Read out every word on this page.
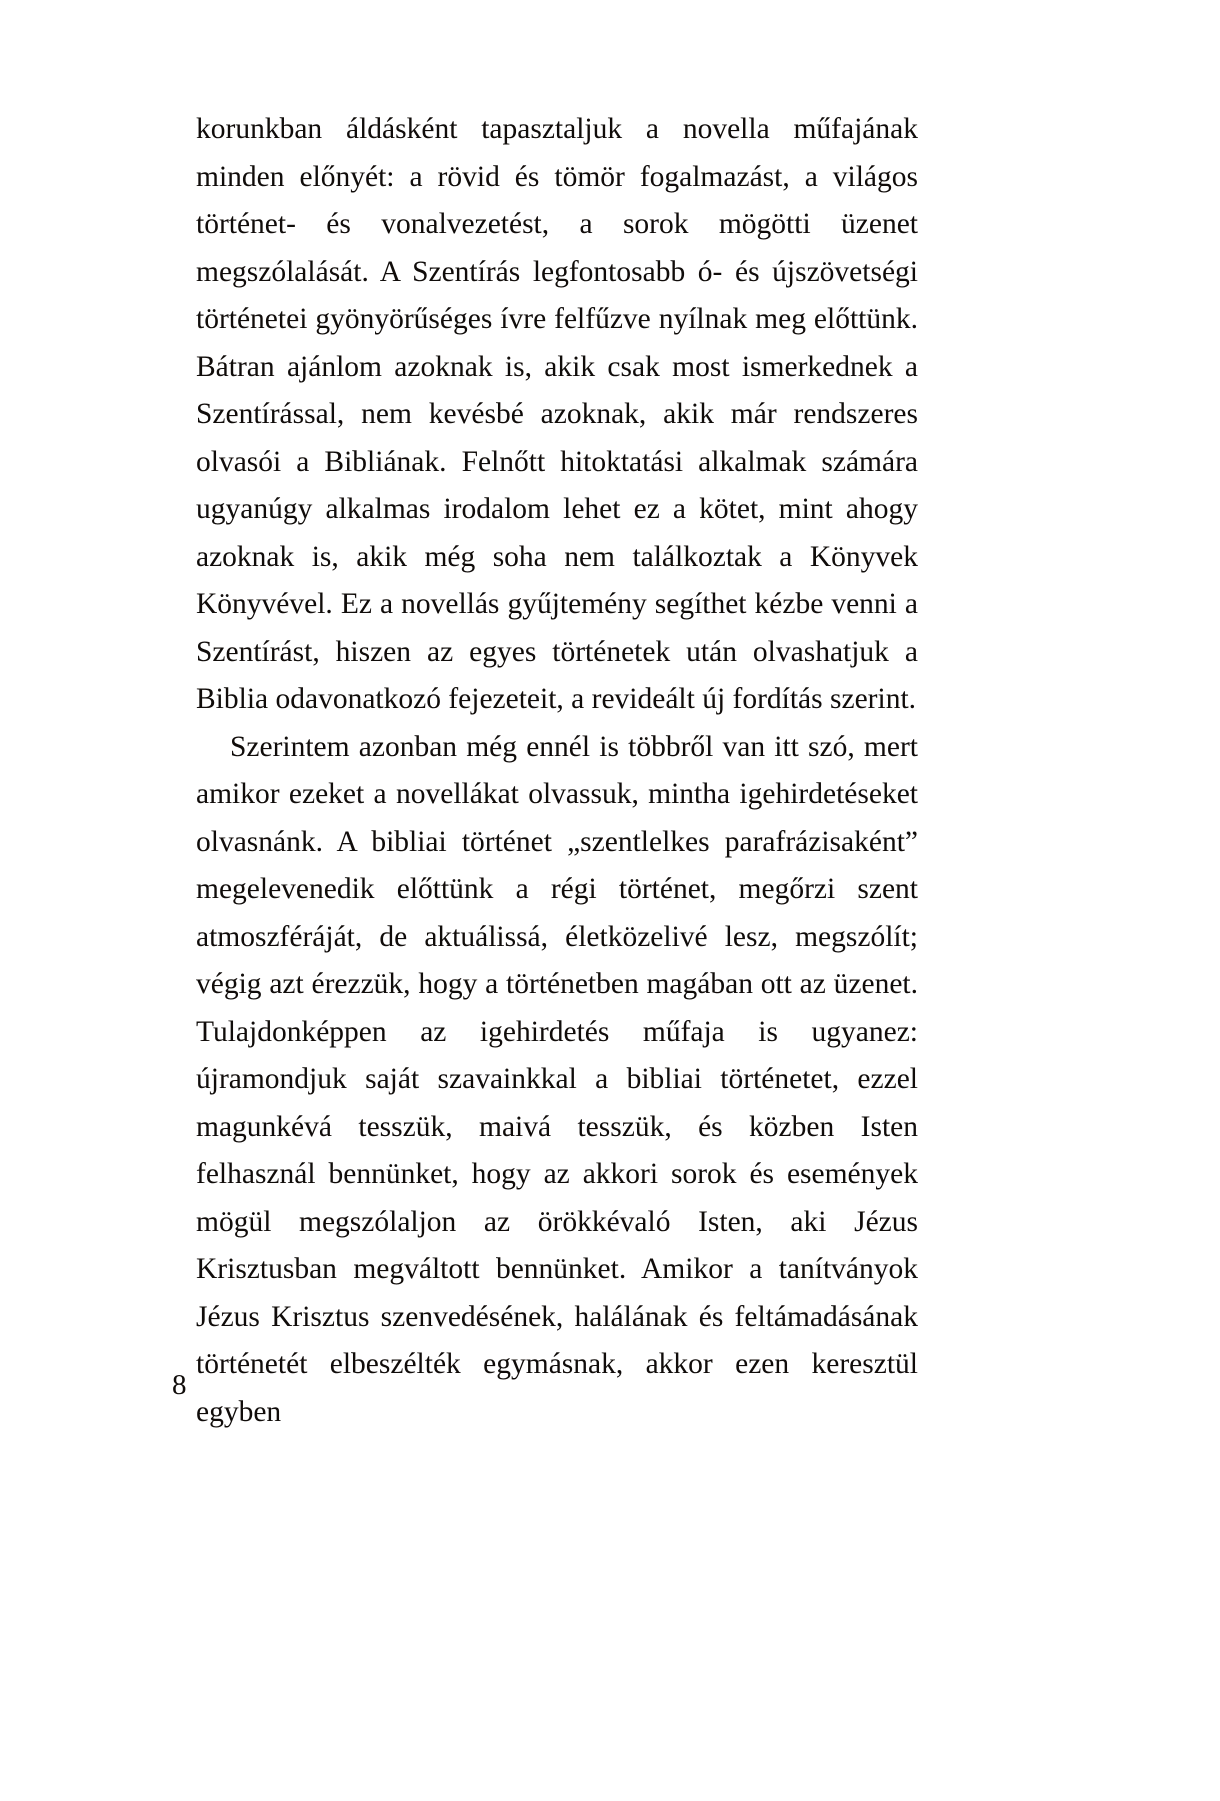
korunkban áldásként tapasztaljuk a novella műfajának minden előnyét: a rövid és tömör fogalmazást, a világos történet- és vonalvezetést, a sorok mögötti üzenet megszólalását. A Szentírás legfontosabb ó- és újszövetségi történetei gyönyörűséges ívre felfűzve nyílnak meg előttünk. Bátran ajánlom azoknak is, akik csak most ismerkednek a Szentírással, nem kevésbé azoknak, akik már rendszeres olvasói a Bibliának. Felnőtt hitoktatási alkalmak számára ugyanúgy alkalmas irodalom lehet ez a kötet, mint ahogy azoknak is, akik még soha nem találkoztak a Könyvek Könyvével. Ez a novellás gyűjtemény segíthet kézbe venni a Szentírást, hiszen az egyes történetek után olvashatjuk a Biblia odavonatkozó fejezeteit, a revideált új fordítás szerint.

Szerintem azonban még ennél is többről van itt szó, mert amikor ezeket a novellákat olvassuk, mintha igehirdetéseket olvasnánk. A bibliai történet „szentlelkes parafrázisaként” megelevenedik előttünk a régi történet, megőrzi szent atmoszféráját, de aktuálissá, életközelivé lesz, megszólít; végig azt érezzük, hogy a történetben magában ott az üzenet. Tulajdonképpen az igehirdetés műfaja is ugyanez: újramondjuk saját szavainkkal a bibliai történetet, ezzel magunkévá tesszük, maivá tesszük, és közben Isten felhasznál bennünket, hogy az akkori sorok és események mögül megszólaljon az örökkévaló Isten, aki Jézus Krisztusban megváltott bennünket. Amikor a tanítványok Jézus Krisztus szenvedésének, halálának és feltámadásának történetét elbeszélték egymásnak, akkor ezen keresztül egyben

8
